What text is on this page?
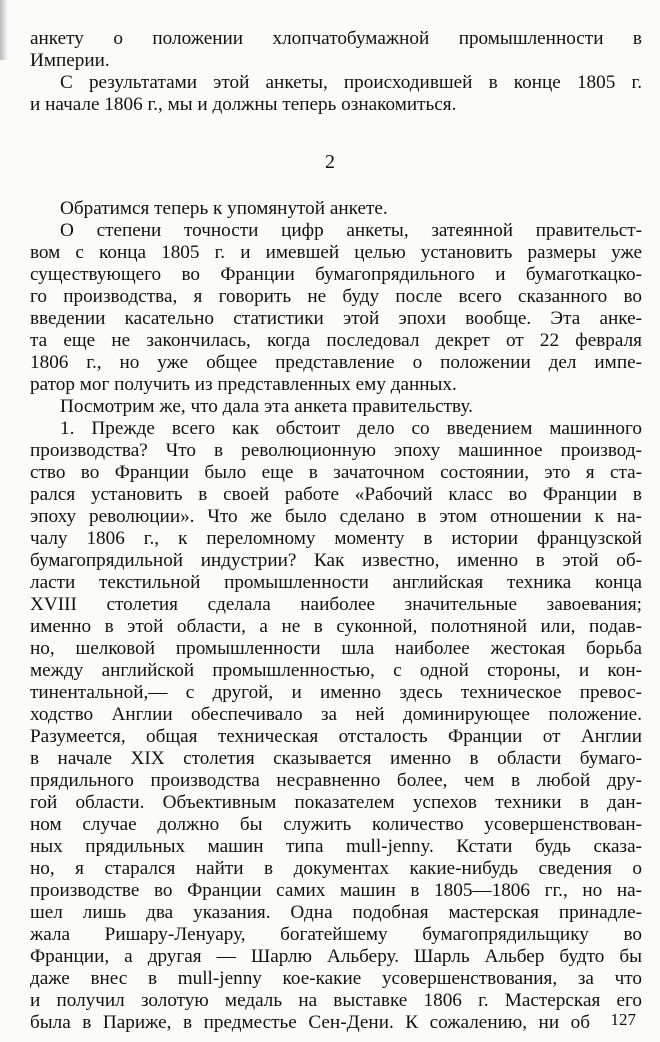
анкету о положении хлопчатобумажной промышленности в
Империи.
С результатами этой анкеты, происходившей в конце 1805 г.
и начале 1806 г., мы и должны теперь ознакомиться.
2
Обратимся теперь к упомянутой анкете.
О степени точности цифр анкеты, затеянной правительст-
вом с конца 1805 г. и имевшей целью установить размеры уже
существующего во Франции бумагопрядильного и бумаготкацко-
го производства, я говорить не буду после всего сказанного во
введении касательно статистики этой эпохи вообще. Эта анке-
та еще не закончилась, когда последовал декрет от 22 февраля
1806 г., но уже общее представление о положении дел импе-
ратор мог получить из представленных ему данных.
Посмотрим же, что дала эта анкета правительству.
1. Прежде всего как обстоит дело со введением машинного
производства? Что в революционную эпоху машинное производ-
ство во Франции было еще в зачаточном состоянии, это я ста-
рался установить в своей работе «Рабочий класс во Франции в
эпоху революции». Что же было сделано в этом отношении к на-
чалу 1806 г., к переломному моменту в истории французской
бумагопрядильной индустрии? Как известно, именно в этой об-
ласти текстильной промышленности английская техника конца
XVIII столетия сделала наиболее значительные завоевания;
именно в этой области, а не в суконной, полотняной или, подав-
но, шелковой промышленности шла наиболее жестокая борьба
между английской промышленностью, с одной стороны, и кон-
тинентальной,— с другой, и именно здесь техническое превос-
ходство Англии обеспечивало за ней доминирующее положение.
Разумеется, общая техническая отсталость Франции от Англии
в начале XIX столетия сказывается именно в области бумаго-
прядильного производства несравненно более, чем в любой дру-
гой области. Объективным показателем успехов техники в дан-
ном случае должно бы служить количество усовершенствован-
ных прядильных машин типа mull-jenny. Кстати будь сказа-
но, я старался найти в документах какие-нибудь сведения о
производстве во Франции самих машин в 1805—1806 гг., но на-
шел лишь два указания. Одна подобная мастерская принадле-
жала Ришару-Ленуару, богатейшему бумагопрядильщику во
Франции, а другая — Шарлю Альберу. Шарль Альбер будто бы
даже внес в mull-jenny кое-какие усовершенствования, за что
и получил золотую медаль на выставке 1806 г. Мастерская его
была в Париже, в предместье Сен-Дени. К сожалению, ни об 127
